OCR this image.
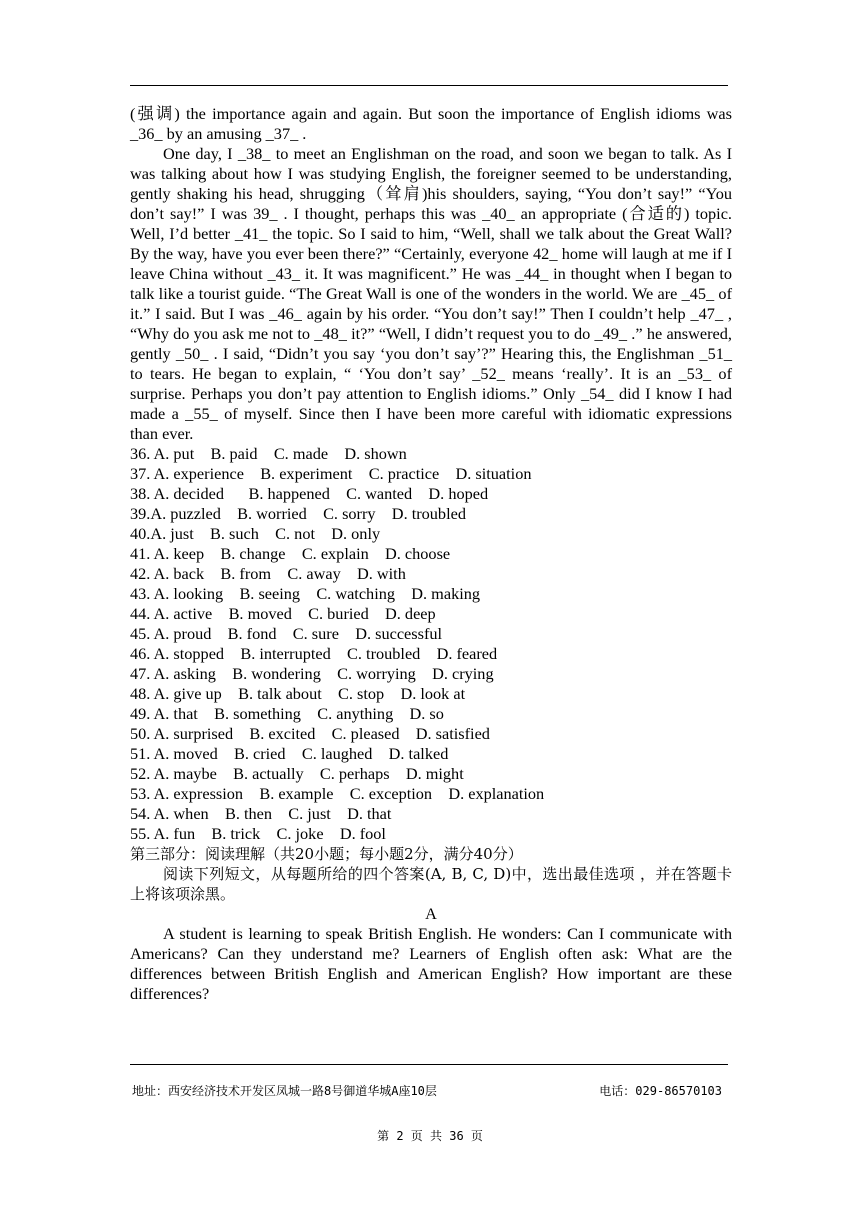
(强调) the importance again and again. But soon the importance of English idioms was _36_ by an amusing _37_ .

One day, I _38_ to meet an Englishman on the road, and soon we began to talk. As I was talking about how I was studying English, the foreigner seemed to be understanding, gently shaking his head, shrugging（耸肩)his shoulders, saying, “You don’t say!” “You don’t say!” I was 39_ . I thought, perhaps this was _40_ an appropriate (合适的) topic. Well, I’d better _41_ the topic. So I said to him, “Well, shall we talk about the Great Wall? By the way, have you ever been there?” “Certainly, everyone 42_ home will laugh at me if I leave China without _43_ it. It was magnificent.” He was _44_ in thought when I began to talk like a tourist guide. “The Great Wall is one of the wonders in the world. We are _45_ of it.” I said. But I was _46_ again by his order. “You don’t say!” Then I couldn’t help _47_ , “Why do you ask me not to _48_ it?” “Well, I didn’t request you to do _49_ .” he answered, gently _50_ . I said, “Didn’t you say ‘you don’t say’?” Hearing this, the Englishman _51_ to tears. He began to explain, “ ‘You don’t say’ _52_ means ‘really’. It is an _53_ of surprise. Perhaps you don’t pay attention to English idioms.” Only _54_ did I know I had made a _55_ of myself. Since then I have been more careful with idiomatic expressions than ever.

36. A. put    B. paid    C. made    D. shown

37. A. experience    B. experiment    C. practice    D. situation

38. A. decided      B. happened    C. wanted    D. hoped

39.A. puzzled    B. worried    C. sorry    D. troubled

40.A. just    B. such    C. not    D. only

41. A. keep    B. change    C. explain    D. choose

42. A. back    B. from    C. away    D. with

43. A. looking    B. seeing    C. watching    D. making

44. A. active    B. moved    C. buried    D. deep

45. A. proud    B. fond    C. sure    D. successful

46. A. stopped    B. interrupted    C. troubled    D. feared

47. A. asking    B. wondering    C. worrying    D. crying

48. A. give up    B. talk about    C. stop    D. look at

49. A. that    B. something    C. anything    D. so

50. A. surprised    B. excited    C. pleased    D. satisfied

51. A. moved    B. cried    C. laughed    D. talked

52. A. maybe    B. actually    C. perhaps    D. might

53. A. expression    B. example    C. exception    D. explanation

54. A. when    B. then    C. just    D. that

55. A. fun    B. trick    C. joke    D. fool

第三部分：阅读理解（共20小题；每小题2分，满分40分）

阅读下列短文，从每题所给的四个答案(A, B, C, D)中，选出最佳选项 ，并在答题卡上将该项涂黑。

A

A student is learning to speak British English. He wonders: Can I communicate with Americans? Can they understand me? Learners of English often ask: What are the differences between British English and American English? How important are these differences?

地址：西安经济技术开发区凤城一路8号御道华城A座10层	电话：029-86570103
第 2 页 共 36 页
